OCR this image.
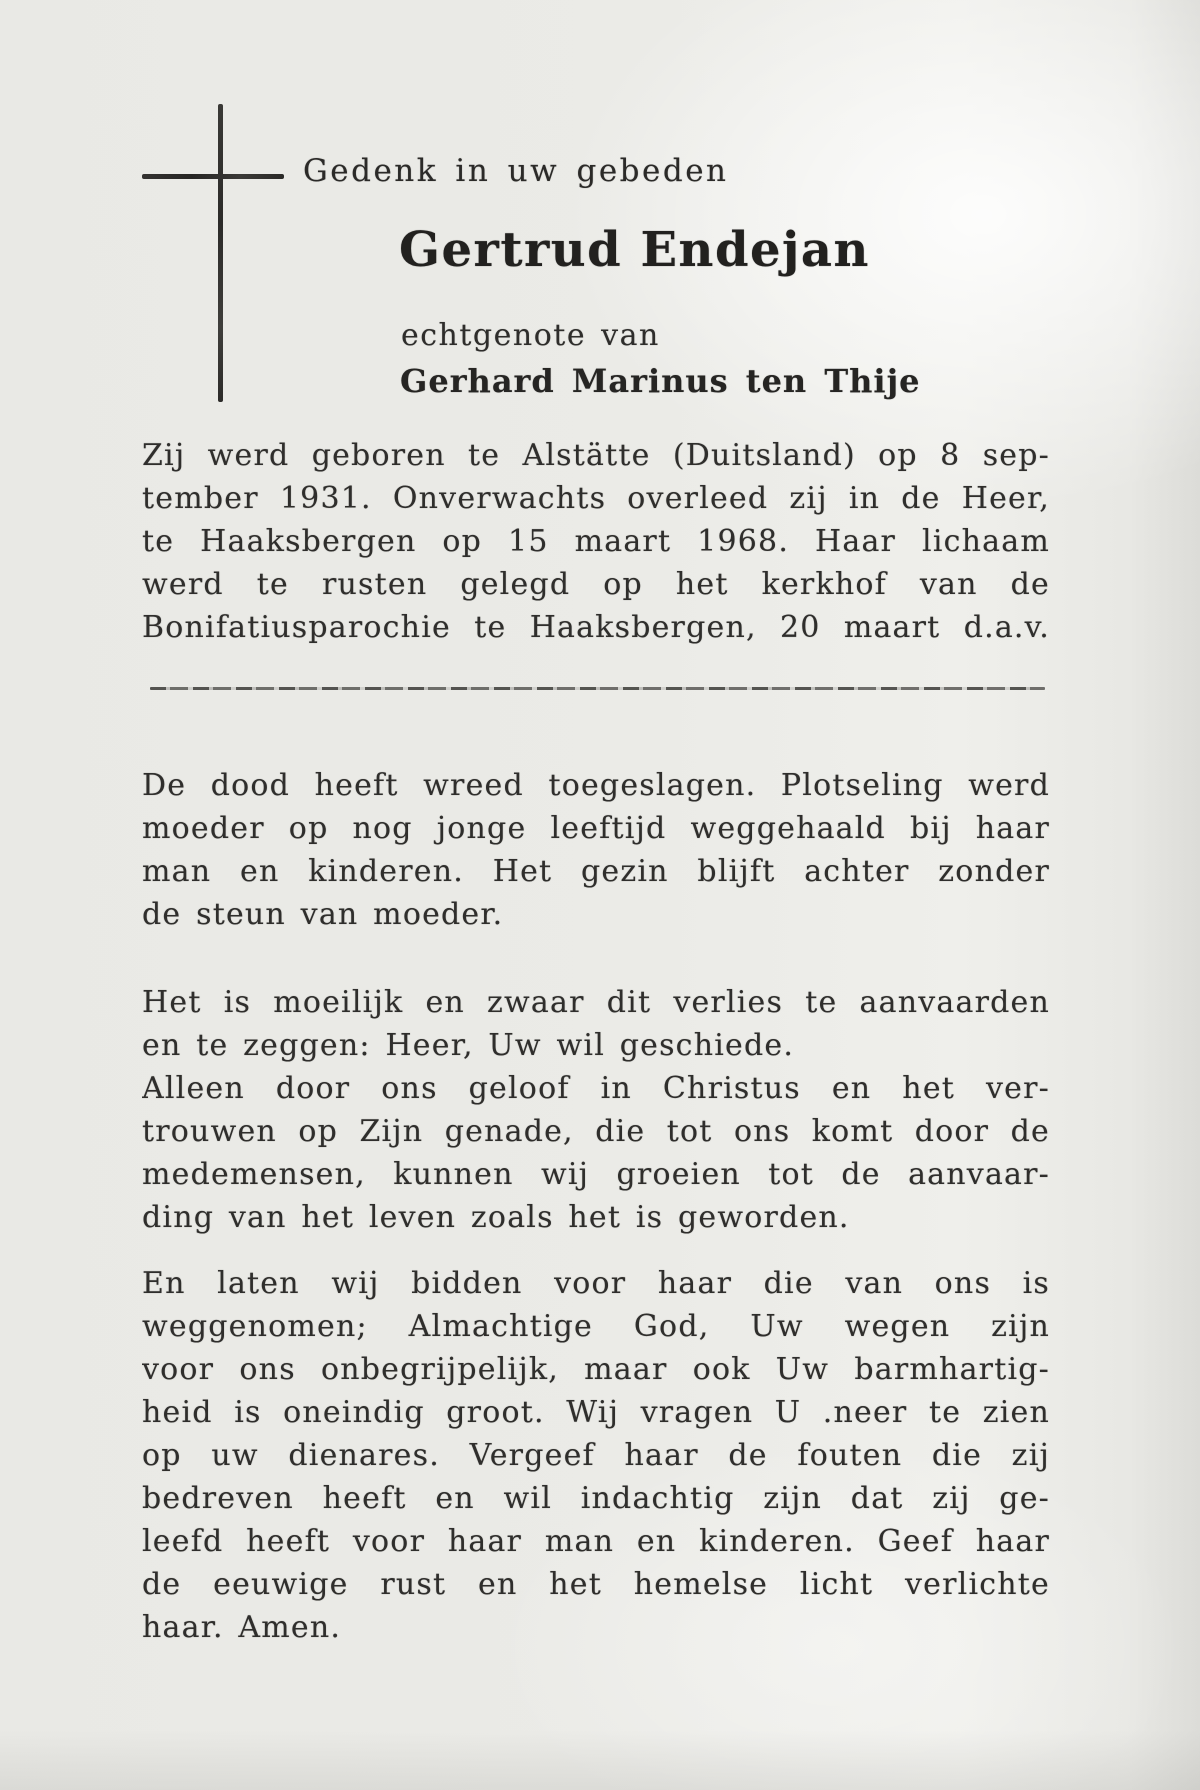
Gedenk in uw gebeden
Gertrud Endejan
echtgenote van
Gerhard Marinus ten Thije
Zij werd geboren te Alstätte (Duitsland) op 8 sep-
tember 1931. Onverwachts overleed zij in de Heer,
te Haaksbergen op 15 maart 1968. Haar lichaam
werd te rusten gelegd op het kerkhof van de
Bonifatiusparochie te Haaksbergen, 20 maart d.a.v.
De dood heeft wreed toegeslagen. Plotseling werd
moeder op nog jonge leeftijd weggehaald bij haar
man en kinderen. Het gezin blijft achter zonder
de steun van moeder.
Het is moeilijk en zwaar dit verlies te aanvaarden
en te zeggen: Heer, Uw wil geschiede.
Alleen door ons geloof in Christus en het ver-
trouwen op Zijn genade, die tot ons komt door de
medemensen, kunnen wij groeien tot de aanvaar-
ding van het leven zoals het is geworden.
En laten wij bidden voor haar die van ons is
weggenomen; Almachtige God, Uw wegen zijn
voor ons onbegrijpelijk, maar ook Uw barmhartig-
heid is oneindig groot. Wij vragen U .neer te zien
op uw dienares. Vergeef haar de fouten die zij
bedreven heeft en wil indachtig zijn dat zij ge-
leefd heeft voor haar man en kinderen. Geef haar
de eeuwige rust en het hemelse licht verlichte
haar. Amen.
